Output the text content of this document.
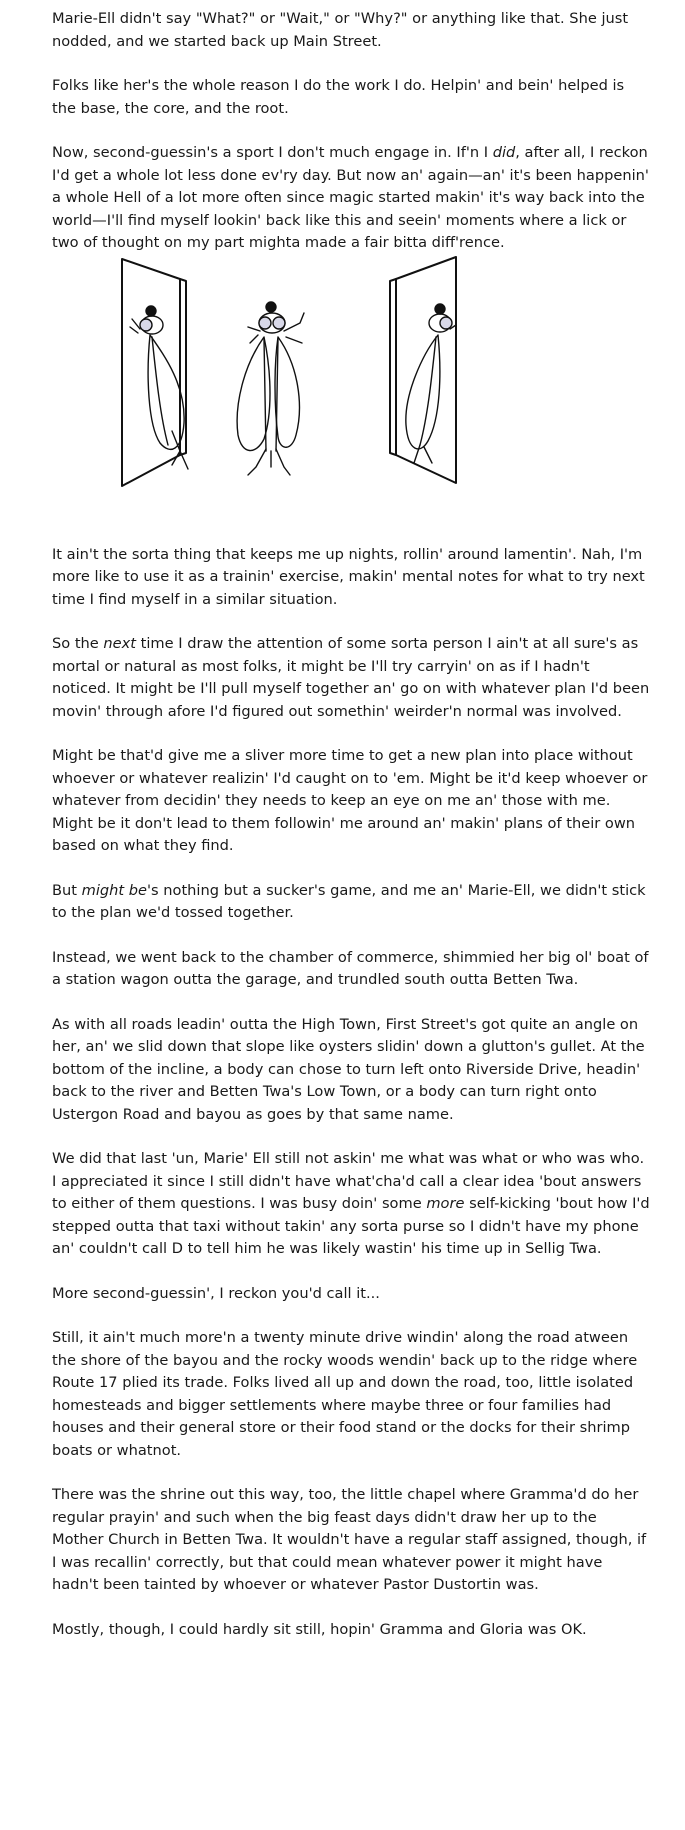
Marie-Ell didn't say "What?" or "Wait," or "Why?" or anything like that. She just nodded, and we started back up Main Street.

Folks like her's the whole reason I do the work I do. Helpin' and bein' helped is the base, the core, and the root.

Now, second-guessin's a sport I don't much engage in. If'n I did, after all, I reckon I'd get a whole lot less done ev'ry day. But now an' again—an' it's been happenin' a whole Hell of a lot more often since magic started makin' it's way back into the world—I'll find myself lookin' back like this and seein' moments where a lick or two of thought on my part mighta made a fair bitta diff'rence.

It ain't the sorta thing that keeps me up nights, rollin' around lamentin'. Nah, I'm more like to use it as a trainin' exercise, makin' mental notes for what to try next time I find myself in a similar situation.

So the next time I draw the attention of some sorta person I ain't at all sure's as mortal or natural as most folks, it might be I'll try carryin' on as if I hadn't noticed. It might be I'll pull myself together an' go on with whatever plan I'd been movin' through afore I'd figured out somethin' weirder'n normal was involved.

Might be that'd give me a sliver more time to get a new plan into place without whoever or whatever realizin' I'd caught on to 'em. Might be it'd keep whoever or whatever from decidin' they needs to keep an eye on me an' those with me. Might be it don't lead to them followin' me around an' makin' plans of their own based on what they find.

But might be's nothing but a sucker's game, and me an' Marie-Ell, we didn't stick to the plan we'd tossed together.

Instead, we went back to the chamber of commerce, shimmied her big ol' boat of a station wagon outta the garage, and trundled south outta Betten Twa.

As with all roads leadin' outta the High Town, First Street's got quite an angle on her, an' we slid down that slope like oysters slidin' down a glutton's gullet. At the bottom of the incline, a body can chose to turn left onto Riverside Drive, headin' back to the river and Betten Twa's Low Town, or a body can turn right onto Ustergon Road and bayou as goes by that same name.

We did that last 'un, Marie' Ell still not askin' me what was what or who was who. I appreciated it since I still didn't have what'cha'd call a clear idea 'bout answers to either of them questions. I was busy doin' some more self-kicking 'bout how I'd stepped outta that taxi without takin' any sorta purse so I didn't have my phone an' couldn't call D to tell him he was likely wastin' his time up in Sellig Twa.

More second-guessin', I reckon you'd call it...

Still, it ain't much more'n a twenty minute drive windin' along the road atween the shore of the bayou and the rocky woods wendin' back up to the ridge where Route 17 plied its trade. Folks lived all up and down the road, too, little isolated homesteads and bigger settlements where maybe three or four families had houses and their general store or their food stand or the docks for their shrimp boats or whatnot.

There was the shrine out this way, too, the little chapel where Gramma'd do her regular prayin' and such when the big feast days didn't draw her up to the Mother Church in Betten Twa. It wouldn't have a regular staff assigned, though, if I was recallin' correctly, but that could mean whatever power it might have hadn't been tainted by whoever or whatever Pastor Dustortin was.

Mostly, though, I could hardly sit still, hopin' Gramma and Gloria was OK.
